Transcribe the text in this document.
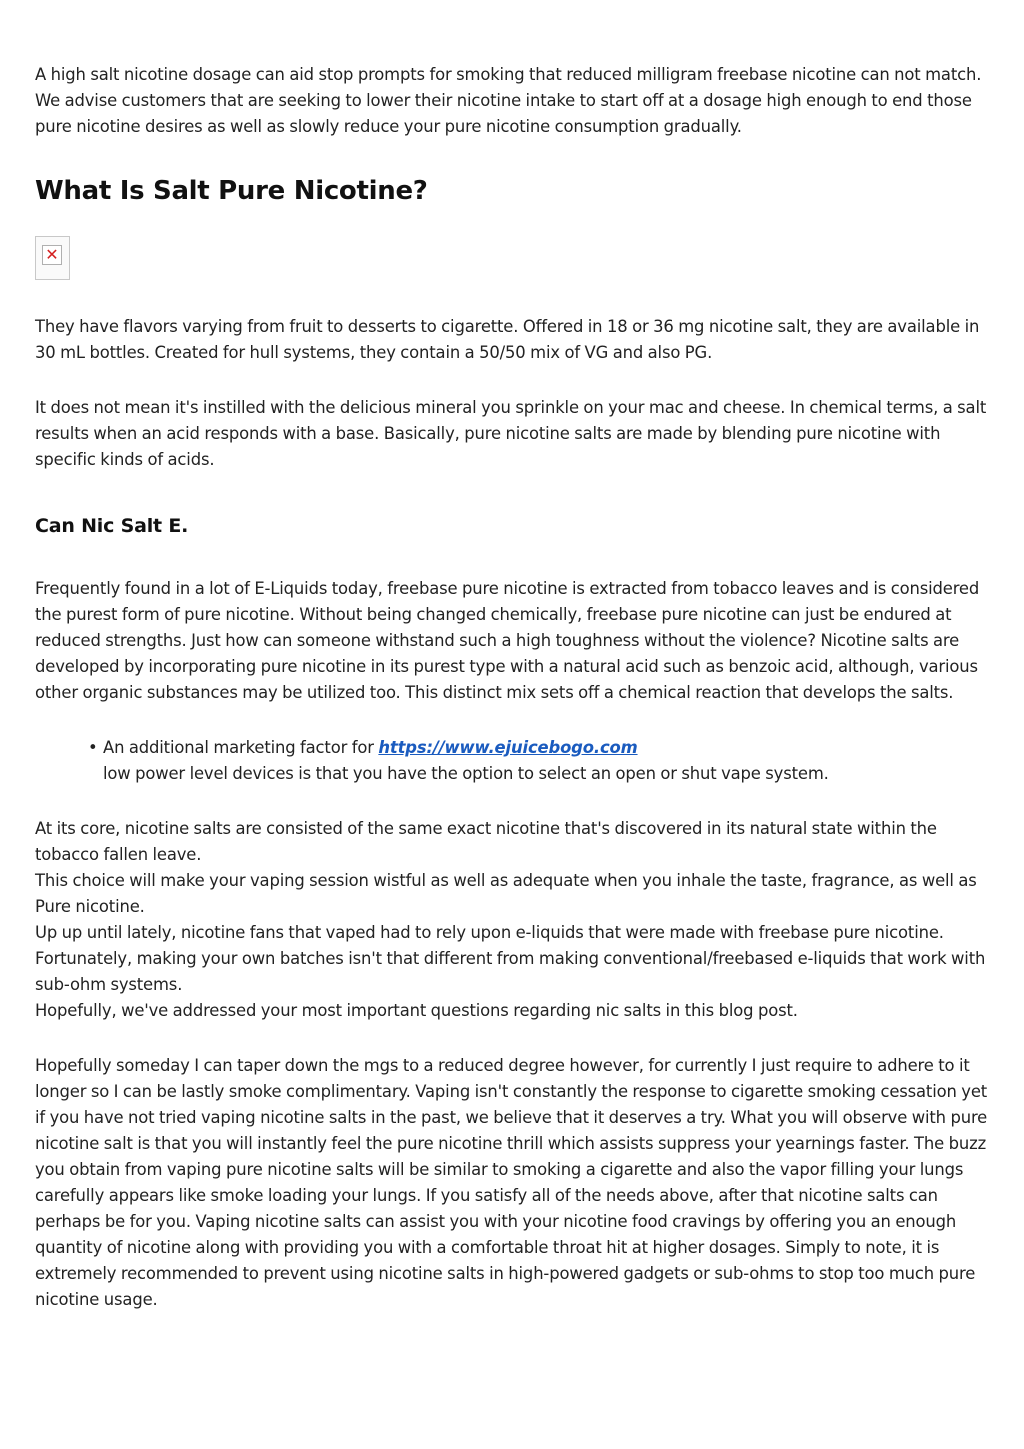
A high salt nicotine dosage can aid stop prompts for smoking that reduced milligram freebase nicotine can not match. We advise customers that are seeking to lower their nicotine intake to start off at a dosage high enough to end those pure nicotine desires as well as slowly reduce your pure nicotine consumption gradually.

What Is Salt Pure Nicotine?
✕

They have flavors varying from fruit to desserts to cigarette. Offered in 18 or 36 mg nicotine salt, they are available in 30 mL bottles. Created for hull systems, they contain a 50/50 mix of VG and also PG.

It does not mean it's instilled with the delicious mineral you sprinkle on your mac and cheese. In chemical terms, a salt results when an acid responds with a base. Basically, pure nicotine salts are made by blending pure nicotine with specific kinds of acids.

Can Nic Salt E.

Frequently found in a lot of E-Liquids today, freebase pure nicotine is extracted from tobacco leaves and is considered the purest form of pure nicotine. Without being changed chemically, freebase pure nicotine can just be endured at reduced strengths. Just how can someone withstand such a high toughness without the violence? Nicotine salts are developed by incorporating pure nicotine in its purest type with a natural acid such as benzoic acid, although, various other organic substances may be utilized too. This distinct mix sets off a chemical reaction that develops the salts.

• An additional marketing factor for https://www.ejuicebogo.com
low power level devices is that you have the option to select an open or shut vape system.

At its core, nicotine salts are consisted of the same exact nicotine that's discovered in its natural state within the tobacco fallen leave.

This choice will make your vaping session wistful as well as adequate when you inhale the taste, fragrance, as well as Pure nicotine.

Up up until lately, nicotine fans that vaped had to rely upon e-liquids that were made with freebase pure nicotine.

Fortunately, making your own batches isn't that different from making conventional/freebased e-liquids that work with sub-ohm systems.

Hopefully, we've addressed your most important questions regarding nic salts in this blog post.

Hopefully someday I can taper down the mgs to a reduced degree however, for currently I just require to adhere to it longer so I can be lastly smoke complimentary. Vaping isn't constantly the response to cigarette smoking cessation yet if you have not tried vaping nicotine salts in the past, we believe that it deserves a try. What you will observe with pure nicotine salt is that you will instantly feel the pure nicotine thrill which assists suppress your yearnings faster. The buzz you obtain from vaping pure nicotine salts will be similar to smoking a cigarette and also the vapor filling your lungs carefully appears like smoke loading your lungs. If you satisfy all of the needs above, after that nicotine salts can perhaps be for you. Vaping nicotine salts can assist you with your nicotine food cravings by offering you an enough quantity of nicotine along with providing you with a comfortable throat hit at higher dosages. Simply to note, it is extremely recommended to prevent using nicotine salts in high-powered gadgets or sub-ohms to stop too much pure nicotine usage.
